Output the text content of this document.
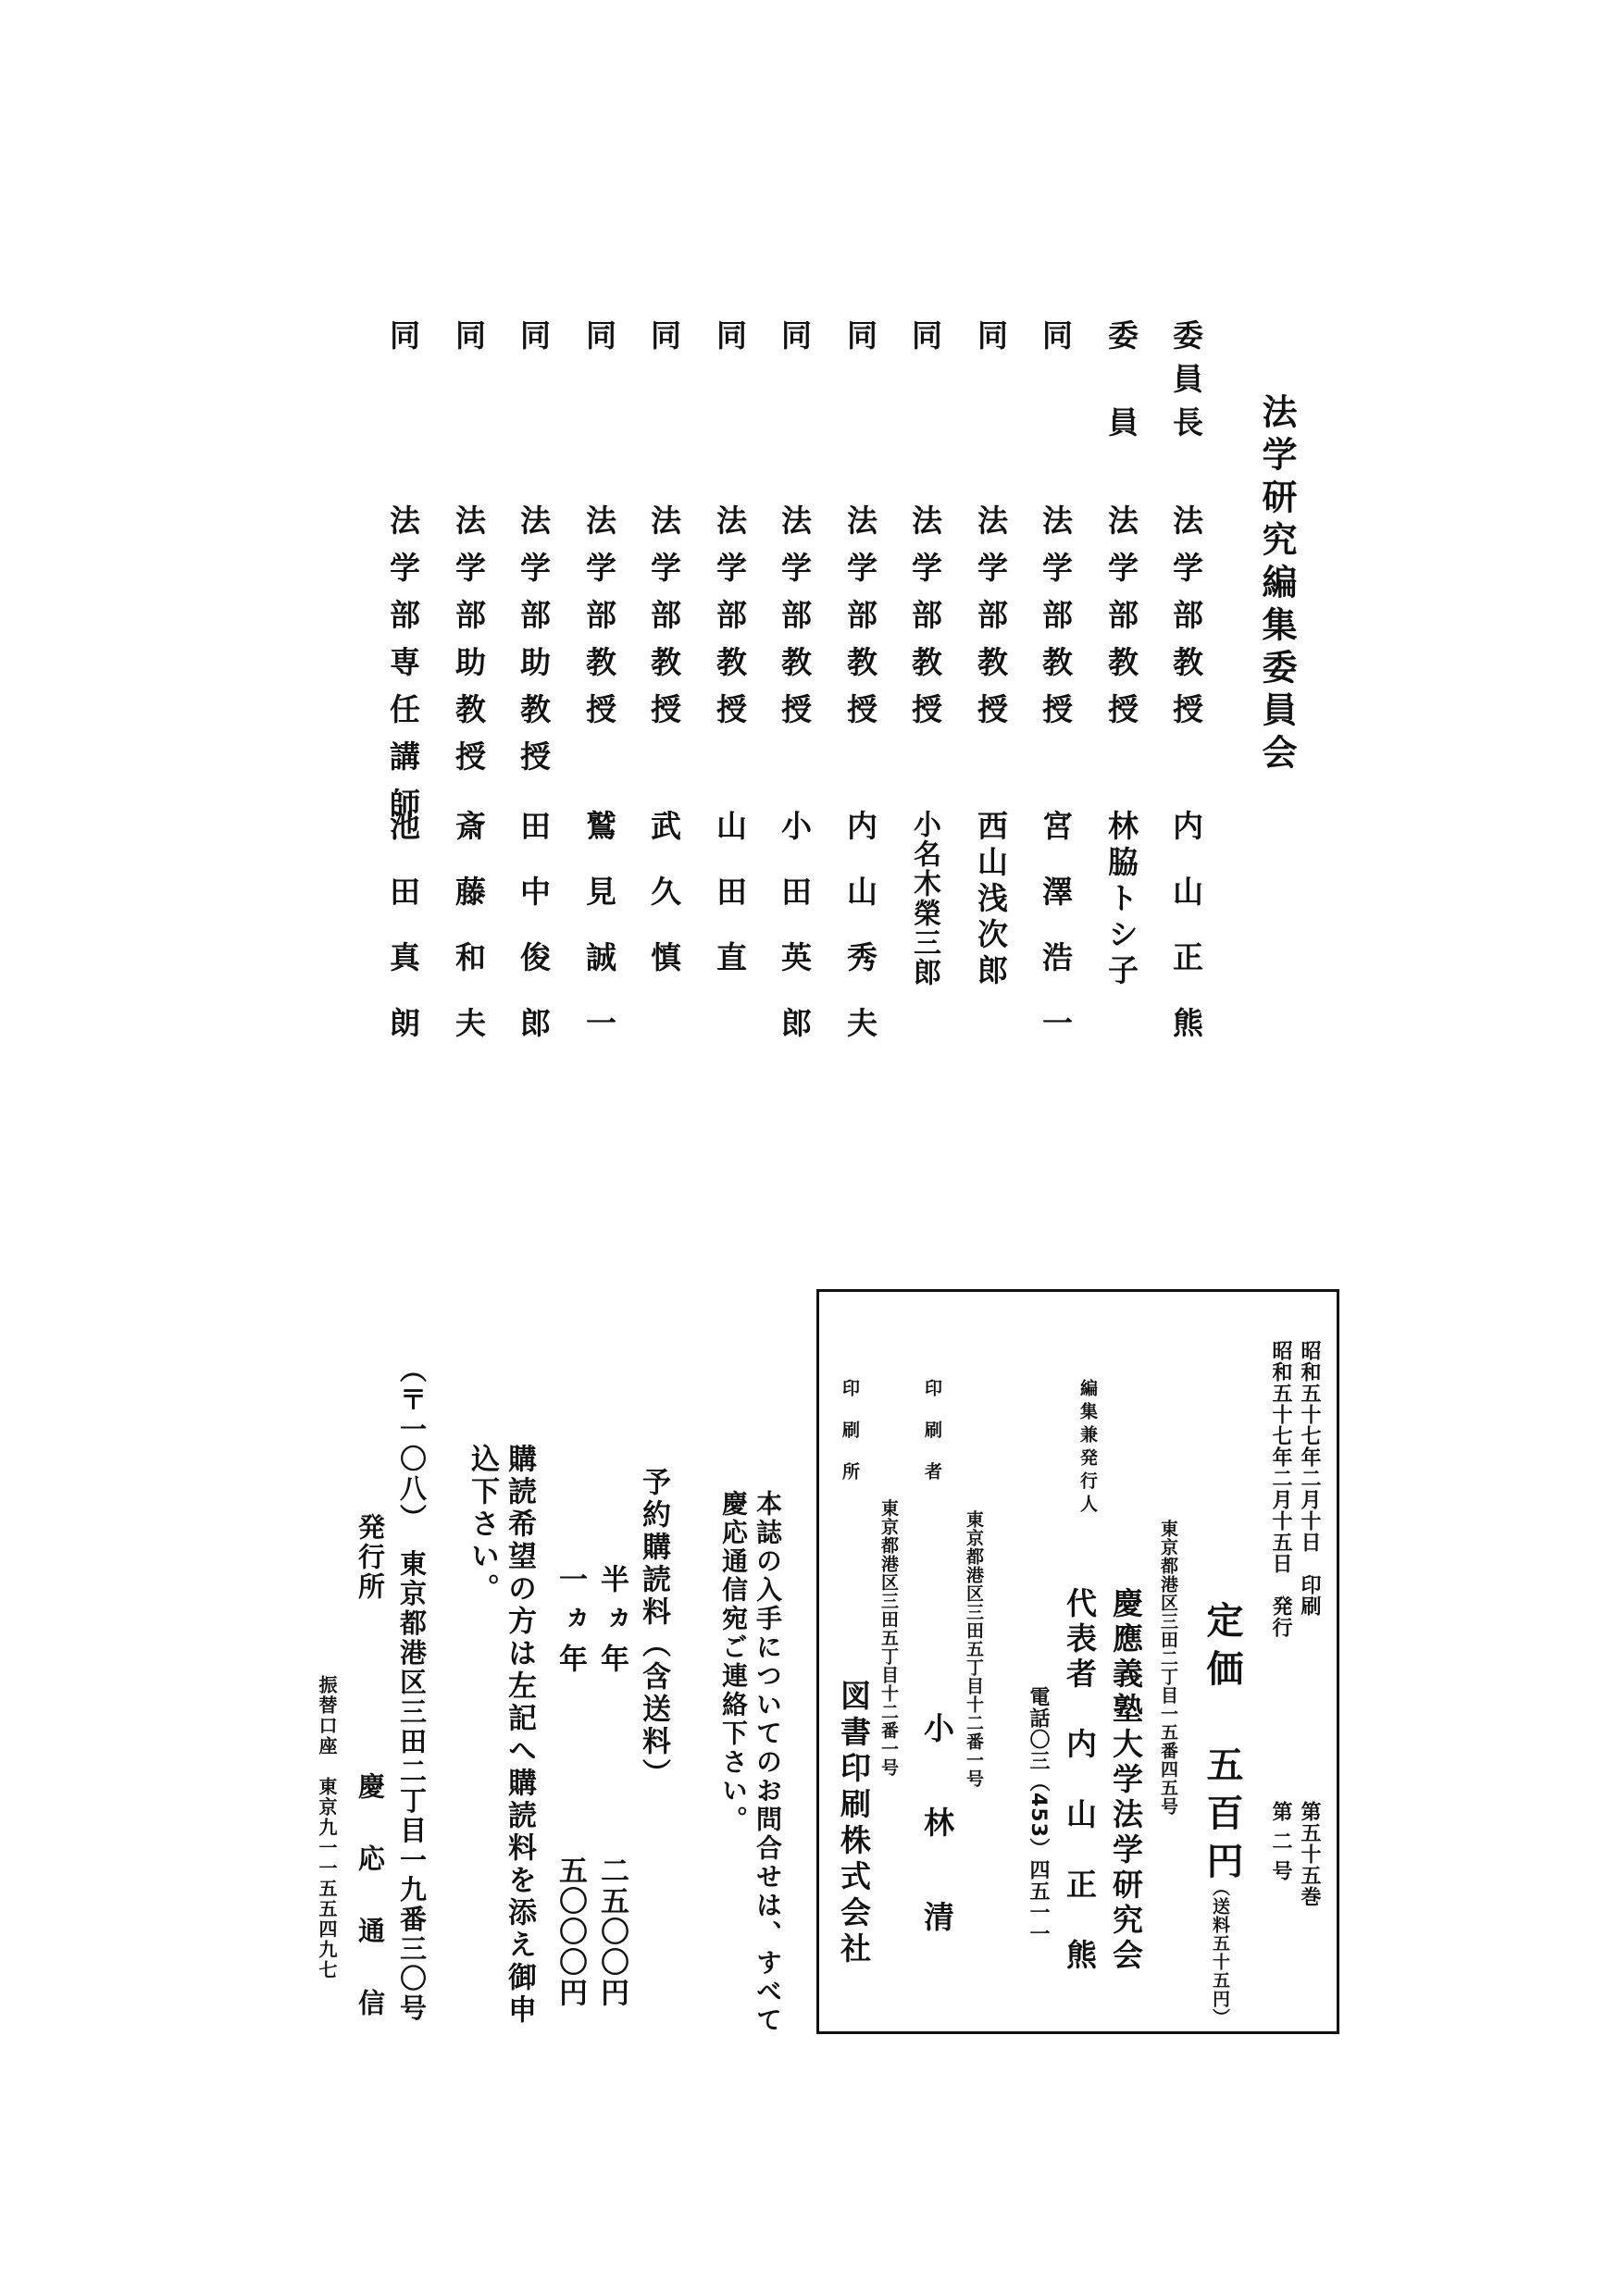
法学研究編集委員会
委員長
法学部教授
内山正熊
委　員
法学部教授
林脇トシ子
同
法学部教授
宮澤浩一
同
法学部教授
西山浅次郎
同
法学部教授
小名木榮三郎
同
法学部教授
内山秀夫
同
法学部教授
小田英郎
同
法学部教授
山田直
同
法学部教授
武久慎
同
法学部教授
鷲見誠一
同
法学部助教授
田中俊郎
同
法学部助教授
斎藤和夫
同
法学部専任講師
池田真朗
昭和五十七年二月十日　印刷
昭和五十七年二月十五日　発行
第五十五巻
第二号
定価　五百円
（送料五十五円）
編集兼発行人
東京都港区三田二丁目一五番四五号
慶應義塾大学法学研究会
代表者　内　山　正　熊
電話〇三（453）四五一一
印刷者
東京都港区三田五丁目十二番一号
小　林　清
印刷所
東京都港区三田五丁目十二番一号
図書印刷株式会社
本誌の入手についてのお問合せは、すべて
慶応通信宛ご連絡下さい。
予約購読料（含送料）
半ヵ年
二五〇〇円
一ヵ年
五〇〇〇円
購読希望の方は左記へ購読料を添え御申
込下さい。
（〒一〇八）　東京都港区三田二丁目一九番三〇号
発行所
慶　応　通　信
振替口座　東京九一一五五四九七
